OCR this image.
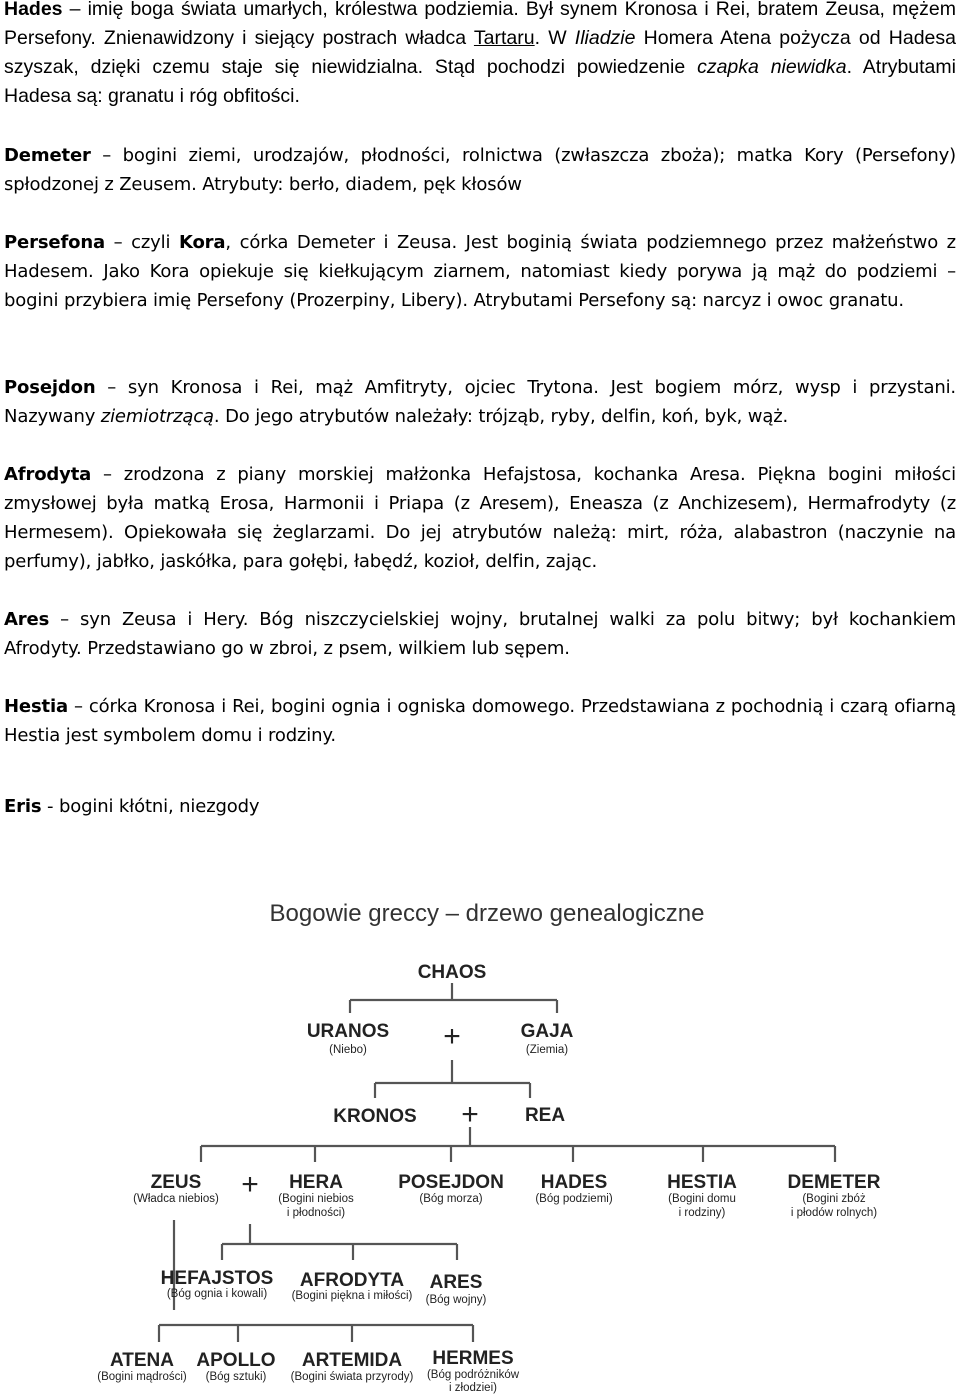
Hades – imię boga świata umarłych, królestwa podziemia. Był synem Kronosa i Rei, bratem Zeusa, mężem Persefony. Znienawidzony i siejący postrach władca Tartaru. W Iliadzie Homera Atena pożycza od Hadesa szyszak, dzięki czemu staje się niewidzialna. Stąd pochodzi powiedzenie czapka niewidka. Atrybutami Hadesa są: granatu i róg obfitości.

Demeter – bogini ziemi, urodzajów, płodności, rolnictwa (zwłaszcza zboża); matka Kory (Persefony) spłodzonej z Zeusem. Atrybuty: berło, diadem, pęk kłosów

Persefona – czyli Kora, córka Demeter i Zeusa. Jest boginią świata podziemnego przez małżeństwo z Hadesem. Jako Kora opiekuje się kiełkującym ziarnem, natomiast kiedy porywa ją mąż do podziemi – bogini przybiera imię Persefony (Prozerpiny, Libery). Atrybutami Persefony są: narcyz i owoc granatu.

Posejdon – syn Kronosa i Rei, mąż Amfitryty, ojciec Trytona. Jest bogiem mórz, wysp i przystani. Nazywany ziemiotrzącą. Do jego atrybutów należały: trójząb, ryby, delfin, koń, byk, wąż.

Afrodyta – zrodzona z piany morskiej małżonka Hefajstosa, kochanka Aresa. Piękna bogini miłości zmysłowej była matką Erosa, Harmonii i Priapa (z Aresem), Eneasza (z Anchizesem), Hermafrodyty (z Hermesem). Opiekowała się żeglarzami. Do jej atrybutów należą: mirt, róża, alabastron (naczynie na perfumy), jabłko, jaskółka, para gołębi, łabędź, kozioł, delfin, zając.

Ares – syn Zeusa i Hery. Bóg niszczycielskiej wojny, brutalnej walki za polu bitwy; był kochankiem Afrodyty. Przedstawiano go w zbroi, z psem, wilkiem lub sępem.

Hestia – córka Kronosa i Rei, bogini ognia i ogniska domowego. Przedstawiana z pochodnią i czarą ofiarną Hestia jest symbolem domu i rodziny.

Eris - bogini kłótni, niezgody

Bogowie greccy – drzewo genealogiczne
CHAOS
URANOS
(Niebo)	+	GAJA
(Ziemia)
KRONOS + REA
ZEUS
(Władca niebios) + HERA
(Bogini niebios
i płodności)
POSEJDON
(Bóg morza)
HADES
(Bóg podziemi)
HESTIA
(Bogini domu
i rodziny)
DEMETER
(Bogini zbóż
i płodów rolnych)
HEFAJSTOS
(Bóg ognia i kowali)
AFRODYTA
(Bogini piękna i miłości)
ARES
(Bóg wojny)
ATENA
(Bogini mądrości)
APOLLO
(Bóg sztuki)
ARTEMIDA
(Bogini świata przyrody)
HERMES
(Bóg podróżników
i złodziei)
